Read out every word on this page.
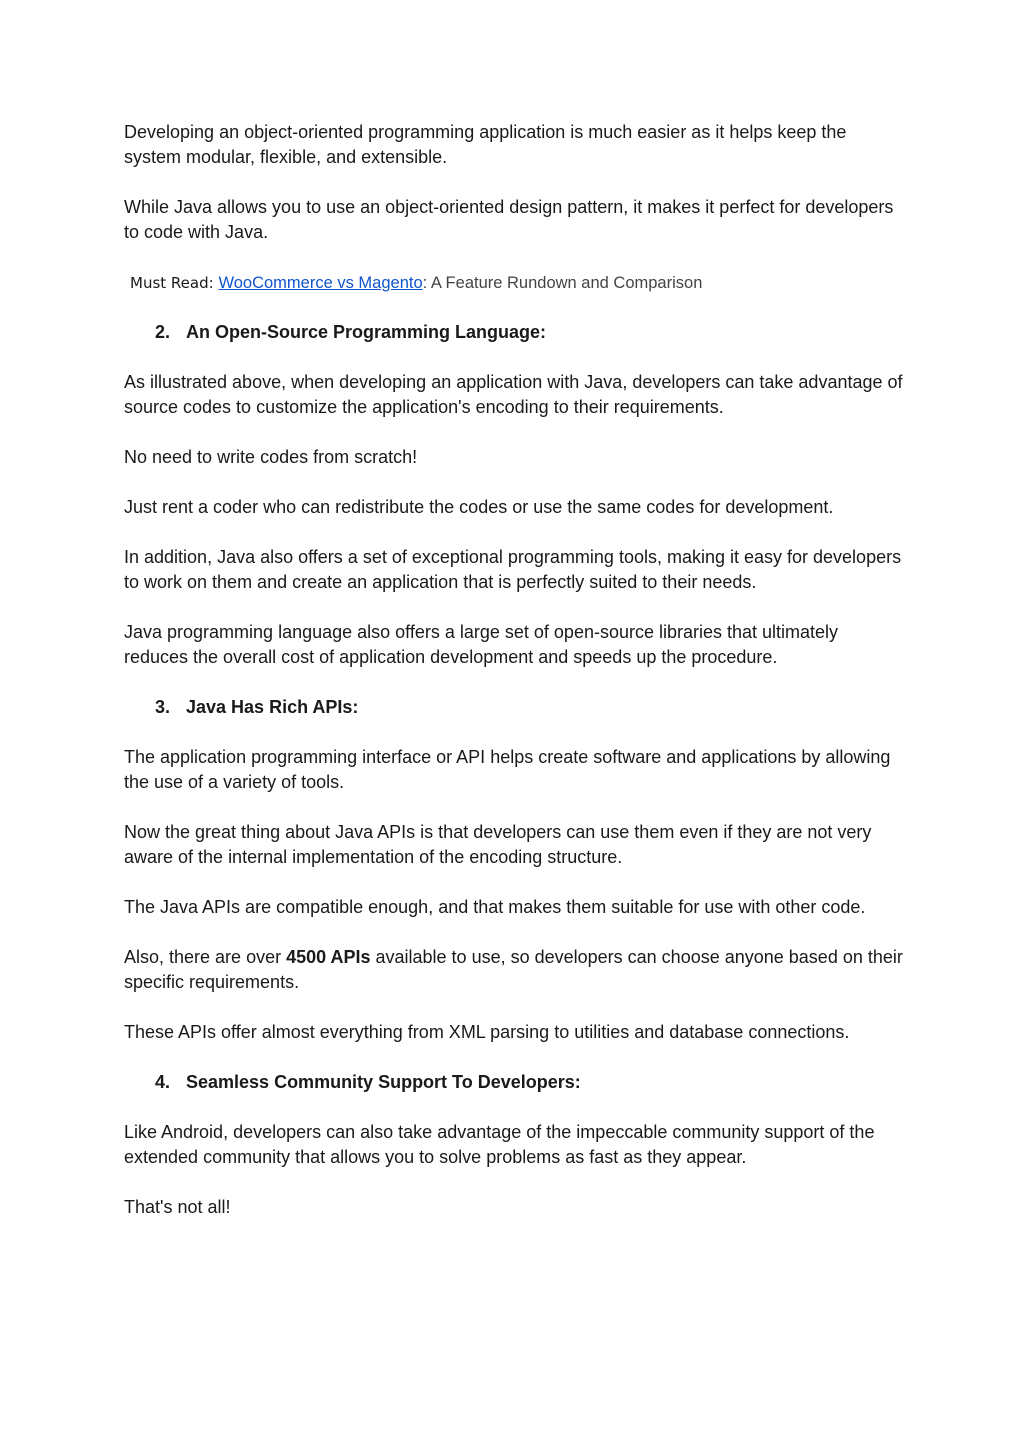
Developing an object-oriented programming application is much easier as it helps keep the system modular, flexible, and extensible.

While Java allows you to use an object-oriented design pattern, it makes it perfect for developers to code with Java.

Must Read: WooCommerce vs Magento: A Feature Rundown and Comparison
2. An Open-Source Programming Language:

As illustrated above, when developing an application with Java, developers can take advantage of source codes to customize the application's encoding to their requirements.

No need to write codes from scratch!

Just rent a coder who can redistribute the codes or use the same codes for development.

In addition, Java also offers a set of exceptional programming tools, making it easy for developers to work on them and create an application that is perfectly suited to their needs.

Java programming language also offers a large set of open-source libraries that ultimately reduces the overall cost of application development and speeds up the procedure.

3. Java Has Rich APIs:

The application programming interface or API helps create software and applications by allowing the use of a variety of tools.

Now the great thing about Java APIs is that developers can use them even if they are not very aware of the internal implementation of the encoding structure.

The Java APIs are compatible enough, and that makes them suitable for use with other code.

Also, there are over 4500 APIs available to use, so developers can choose anyone based on their specific requirements.

These APIs offer almost everything from XML parsing to utilities and database connections.

4. Seamless Community Support To Developers:

Like Android, developers can also take advantage of the impeccable community support of the extended community that allows you to solve problems as fast as they appear.

That's not all!
